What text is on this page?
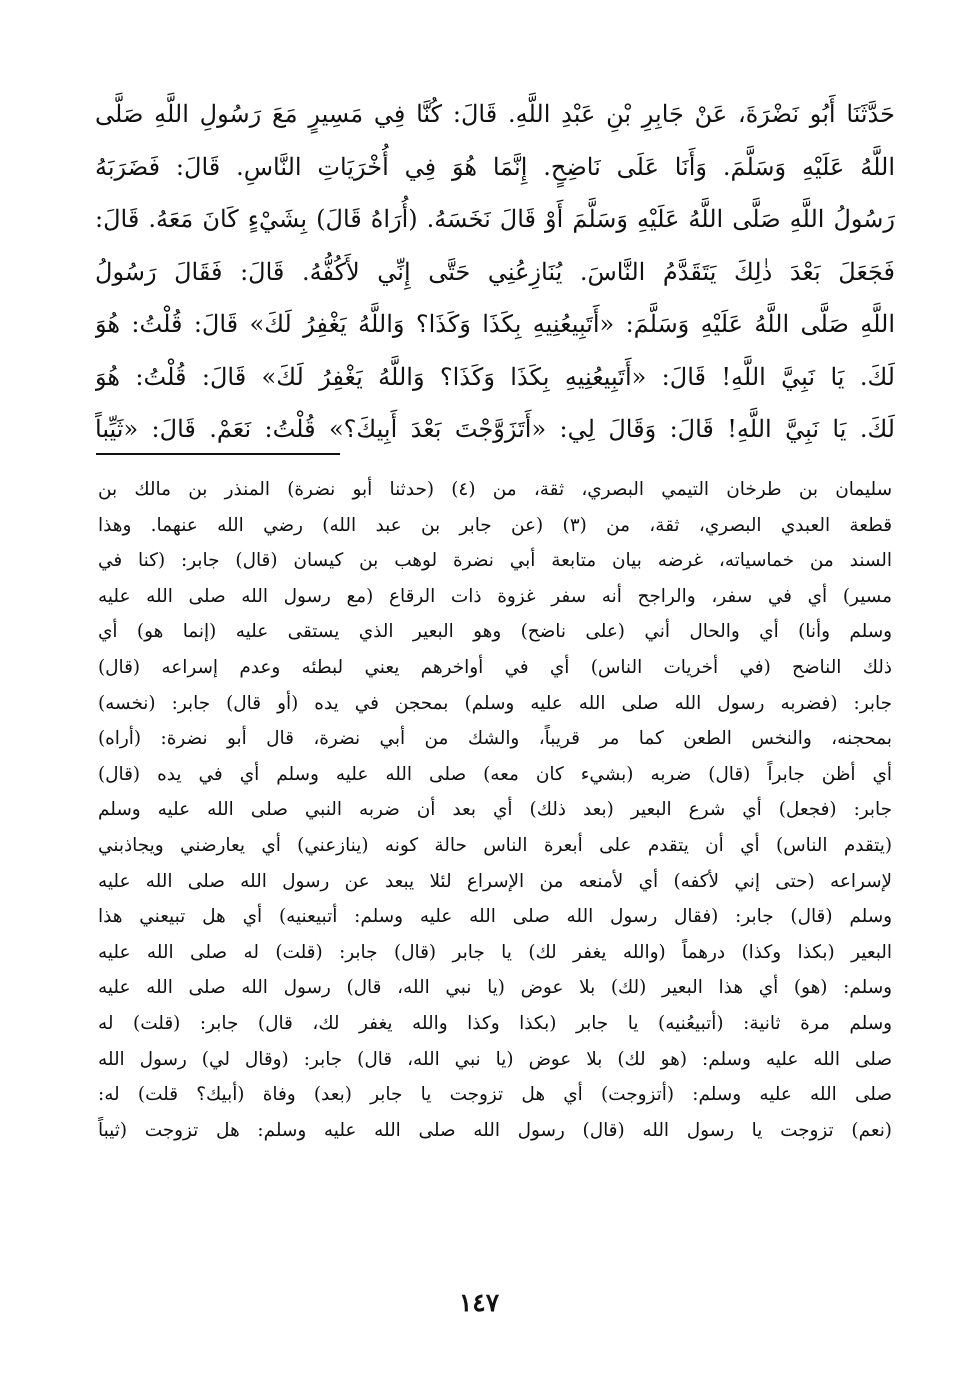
حَدَّثَنَا أَبُو نَضْرَةَ، عَنْ جَابِرِ بْنِ عَبْدِ اللَّهِ. قَالَ: كُنَّا فِي مَسِيرٍ مَعَ رَسُولِ اللَّهِ صَلَّى
اللَّهُ عَلَيْهِ وَسَلَّمَ. وَأَنَا عَلَى نَاضِحٍ. إِنَّمَا هُوَ فِي أُخْرَيَاتِ النَّاسِ. قَالَ: فَضَرَبَهُ
رَسُولُ اللَّهِ صَلَّى اللَّهُ عَلَيْهِ وَسَلَّمَ أَوْ قَالَ نَخَسَهُ. (أُرَاهُ قَالَ) بِشَيْءٍ كَانَ مَعَهُ. قَالَ:
فَجَعَلَ بَعْدَ ذٰلِكَ يَتَقَدَّمُ النَّاسَ. يُنَازِعُنِي حَتَّى إِنِّي لأَكُفُّهُ. قَالَ: فَقَالَ رَسُولُ
اللَّهِ صَلَّى اللَّهُ عَلَيْهِ وَسَلَّمَ: «أَتَبِيعُنِيهِ بِكَذَا وَكَذَا؟ وَاللَّهُ يَغْفِرُ لَكَ» قَالَ: قُلْتُ: هُوَ
لَكَ. يَا نَبِيَّ اللَّهِ! قَالَ: «أَتَبِيعُنِيهِ بِكَذَا وَكَذَا؟ وَاللَّهُ يَغْفِرُ لَكَ» قَالَ: قُلْتُ: هُوَ
لَكَ. يَا نَبِيَّ اللَّهِ! قَالَ: وَقَالَ لِي: «أَتَزَوَّجْتَ بَعْدَ أَبِيكَ؟» قُلْتُ: نَعَمْ. قَالَ: «ثَيِّباً
سليمان بن طرخان التيمي البصري، ثقة، من (٤) (حدثنا أبو نضرة) المنذر بن مالك بن
قطعة العبدي البصري، ثقة، من (٣) (عن جابر بن عبد الله) رضي الله عنهما. وهذا
السند من خماسياته، غرضه بيان متابعة أبي نضرة لوهب بن كيسان (قال) جابر: (كنا في
مسير) أي في سفر، والراجح أنه سفر غزوة ذات الرقاع (مع رسول الله صلى الله عليه
وسلم وأنا) أي والحال أني (على ناضح) وهو البعير الذي يستقى عليه (إنما هو) أي
ذلك الناضح (في أخريات الناس) أي في أواخرهم يعني لبطئه وعدم إسراعه (قال)
جابر: (فضربه رسول الله صلى الله عليه وسلم) بمحجن في يده (أو قال) جابر: (نخسه)
بمحجنه، والنخس الطعن كما مر قريباً، والشك من أبي نضرة، قال أبو نضرة: (أراه)
أي أظن جابراً (قال) ضربه (بشيء كان معه) صلى الله عليه وسلم أي في يده (قال)
جابر: (فجعل) أي شرع البعير (بعد ذلك) أي بعد أن ضربه النبي صلى الله عليه وسلم
(يتقدم الناس) أي أن يتقدم على أبعرة الناس حالة كونه (ينازعني) أي يعارضني ويجاذبني
لإسراعه (حتى إني لأكفه) أي لأمنعه من الإسراع لئلا يبعد عن رسول الله صلى الله عليه
وسلم (قال) جابر: (فقال رسول الله صلى الله عليه وسلم: أتبيعنيه) أي هل تبيعني هذا
البعير (بكذا وكذا) درهماً (والله يغفر لك) يا جابر (قال) جابر: (قلت) له صلى الله عليه
وسلم: (هو) أي هذا البعير (لك) بلا عوض (يا نبي الله، قال) رسول الله صلى الله عليه
وسلم مرة ثانية: (أتبيعُنيه) يا جابر (بكذا وكذا والله يغفر لك، قال) جابر: (قلت) له
صلى الله عليه وسلم: (هو لك) بلا عوض (يا نبي الله، قال) جابر: (وقال لي) رسول الله
صلى الله عليه وسلم: (أتزوجت) أي هل تزوجت يا جابر (بعد) وفاة (أبيك؟ قلت) له:
(نعم) تزوجت يا رسول الله (قال) رسول الله صلى الله عليه وسلم: هل تزوجت (ثيباً
١٤٧
